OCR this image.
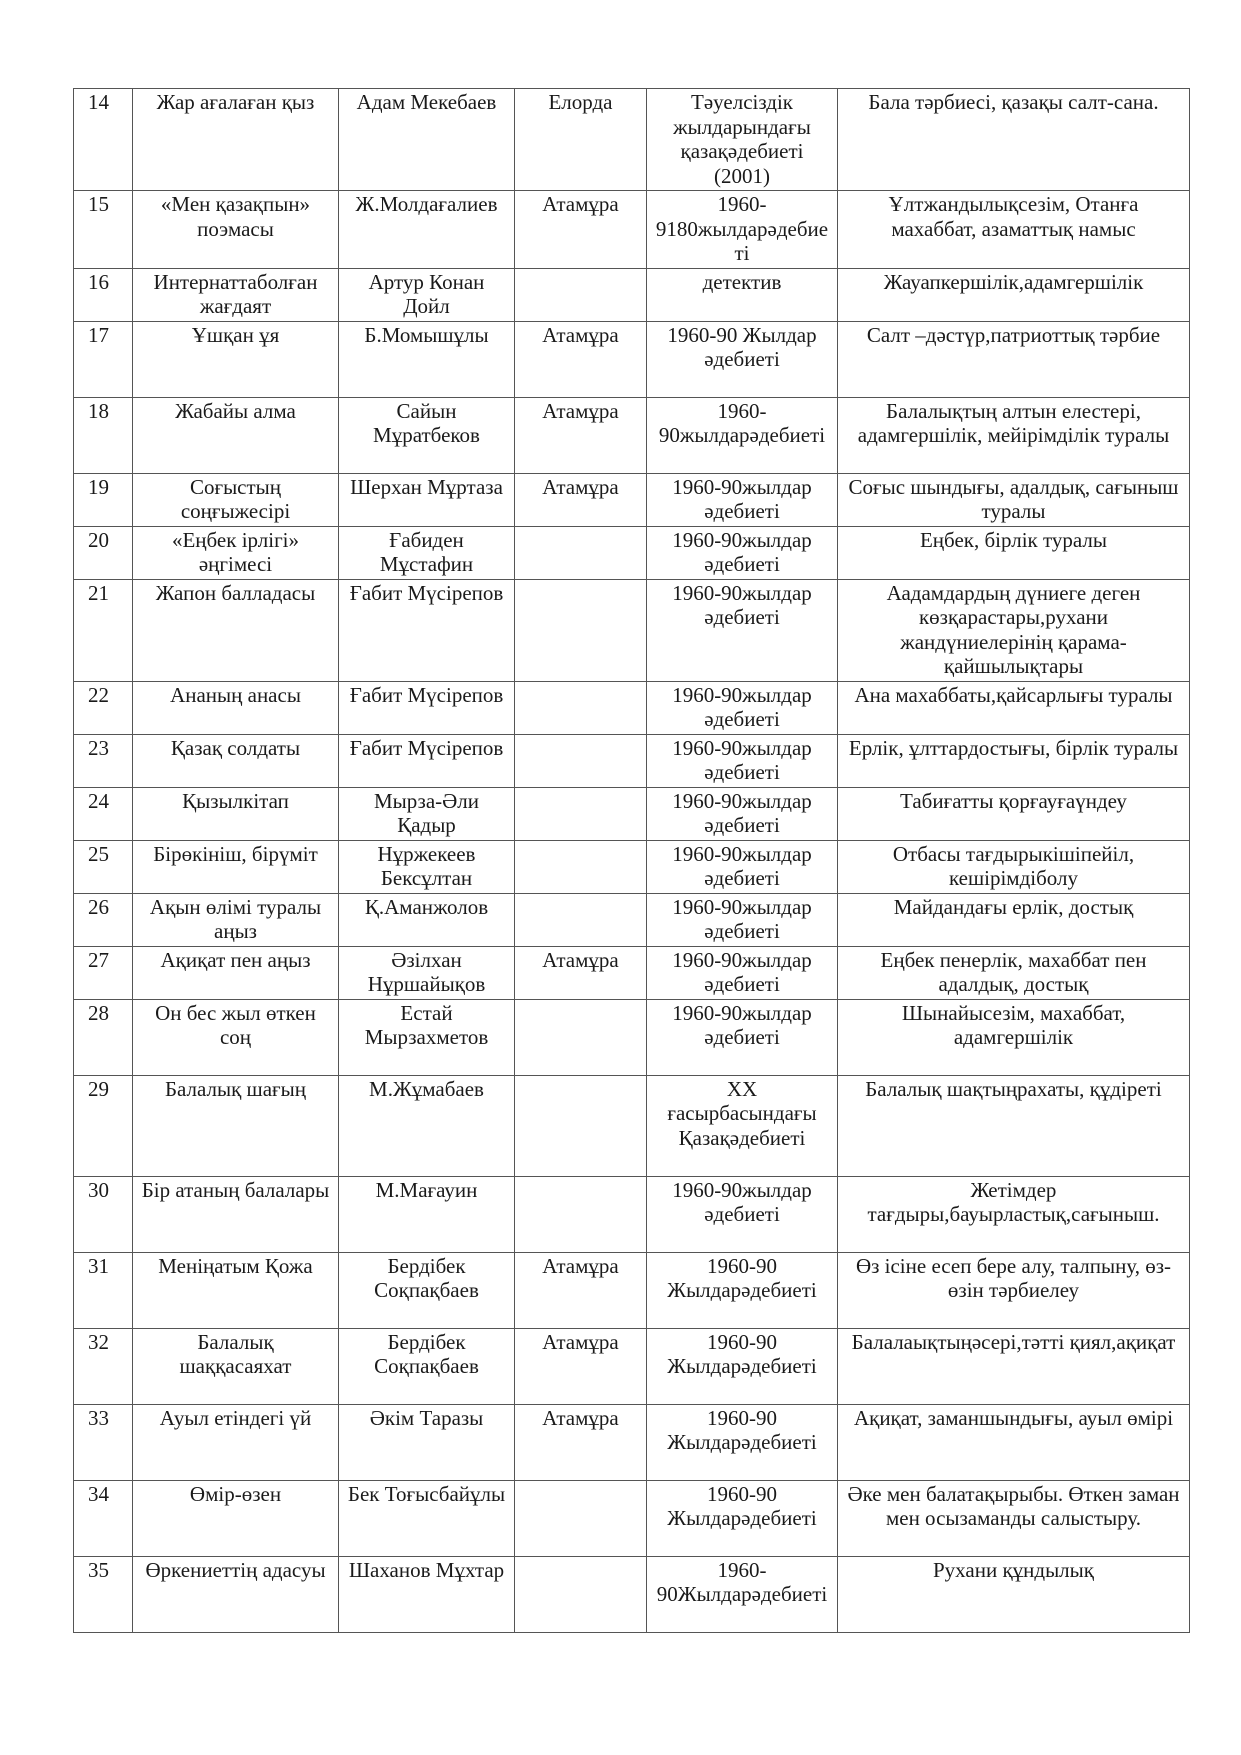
14	Жар ағалаған қыз	Адам Мекебаев	Елорда	Тәуелсіздік жылдарындағы қазақәдебиеті (2001)	Бала тәрбиесі, қазақы салт-сана.
15	«Мен қазақпын» поэмасы	Ж.Молдағалиев	Атамұра	1960-9180жылдарәдебиеті	Ұлтжандылықсезім, Отанға махаббат, азаматтық намыс
16	Интернаттаболған жағдаят	Артур Конан Дойл		детектив	Жауапкершілік,адамгершілік
17	Ұшқан ұя	Б.Момышұлы	Атамұра	1960-90 Жылдар әдебиеті	Салт –дәстүр,патриоттық тәрбие
18	Жабайы алма	Сайын Мұратбеков	Атамұра	1960-90жылдарәдебиеті	Балалықтың алтын елестері, адамгершілік, мейірімділік туралы
19	Соғыстың соңғыжесірі	Шерхан Мұртаза	Атамұра	1960-90жылдар әдебиеті	Соғыс шындығы, адалдық, сағыныш туралы
20	«Еңбек ірлігі» әңгімесі	Ғабиден Мұстафин		1960-90жылдар әдебиеті	Еңбек, бірлік туралы
21	Жапон балладасы	Ғабит Мүсірепов		1960-90жылдар әдебиеті	Аадамдардың дүниеге деген көзқарастары,рухани жандүниелерінің қарама-қайшылықтары
22	Ананың анасы	Ғабит Мүсірепов		1960-90жылдар әдебиеті	Ана махаббаты,қайсарлығы туралы
23	Қазақ солдаты	Ғабит Мүсірепов		1960-90жылдар әдебиеті	Ерлік, ұлттардостығы, бірлік туралы
24	Қызылкітап	Мырза-Әли Қадыр		1960-90жылдар әдебиеті	Табиғатты қорғауғаүндеу
25	Бірөкініш, бірүміт	Нұржекеев Бексұлтан		1960-90жылдар әдебиеті	Отбасы тағдырыкішіпейіл, кешірімдіболу
26	Ақын өлімі туралы аңыз	Қ.Аманжолов		1960-90жылдар әдебиеті	Майдандағы ерлік, достық
27	Ақиқат пен аңыз	Әзілхан Нұршайықов	Атамұра	1960-90жылдар әдебиеті	Еңбек пенерлік, махаббат пен адалдық, достық
28	Он бес жыл өткен соң	Естай Мырзахметов		1960-90жылдар әдебиеті	Шынайысезім, махаббат, адамгершілік
29	Балалық шағың	М.Жұмабаев		XX ғасырбасындағы Қазақәдебиеті	Балалық шақтыңрахаты, құдіреті
30	Бір атаның балалары	М.Мағауин		1960-90жылдар әдебиеті	Жетімдер тағдыры,бауырластық,сағыныш.
31	Меніңатым Қожа	Бердібек Соқпақбаев	Атамұра	1960-90 Жылдарәдебиеті	Өз ісіне есеп бере алу, талпыну, өз-өзін тәрбиелеу
32	Балалық шаққасаяхат	Бердібек Соқпақбаев	Атамұра	1960-90 Жылдарәдебиеті	Балалаықтыңәсері,тәтті қиял,ақиқат
33	Ауыл етіндегі үй	Әкім Таразы	Атамұра	1960-90 Жылдарәдебиеті	Ақиқат, заманшындығы, ауыл өмірі
34	Өмір-өзен	Бек Тоғысбайұлы		1960-90 Жылдарәдебиеті	Әке мен балатақырыбы. Өткен заман мен осызаманды салыстыру.
35	Өркениеттің адасуы	Шаханов Мұхтар		1960-90Жылдарәдебиеті	Рухани құндылық
